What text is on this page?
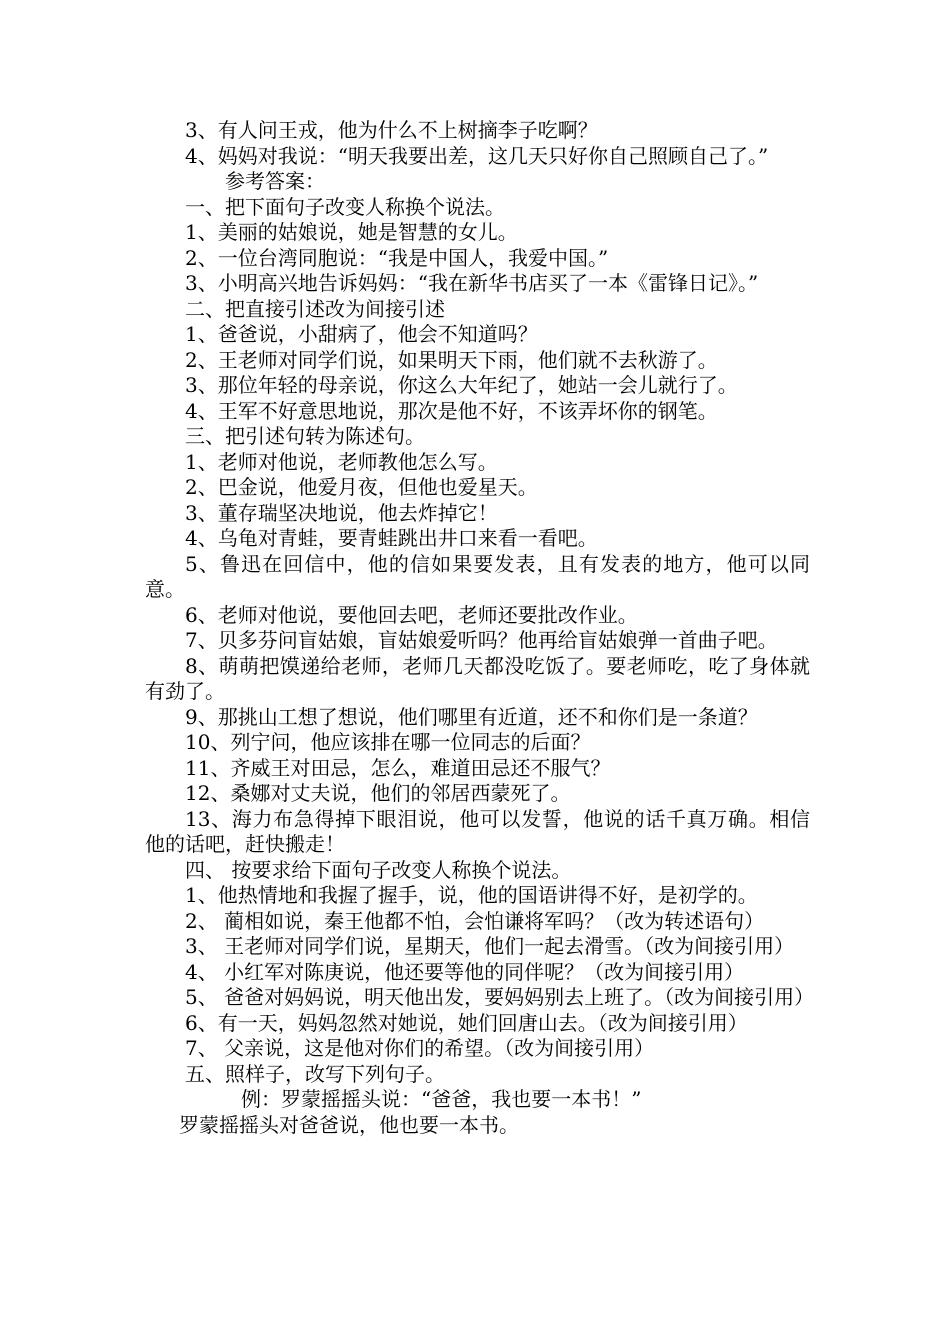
3、有人问王戎，他为什么不上树摘李子吃啊？

4、妈妈对我说：“明天我要出差，这几天只好你自己照顾自己了。”

参考答案：

一、把下面句子改变人称换个说法。

1、美丽的姑娘说，她是智慧的女儿。

2、一位台湾同胞说：“我是中国人，我爱中国。”

3、小明高兴地告诉妈妈：“我在新华书店买了一本《雷锋日记》。”

二、把直接引述改为间接引述

1、爸爸说，小甜病了，他会不知道吗？

2、王老师对同学们说，如果明天下雨，他们就不去秋游了。

3、那位年轻的母亲说，你这么大年纪了，她站一会儿就行了。

4、王军不好意思地说，那次是他不好，不该弄坏你的钢笔。

三、把引述句转为陈述句。

1、老师对他说，老师教他怎么写。

2、巴金说，他爱月夜，但他也爱星天。

3、董存瑞坚决地说，他去炸掉它！

4、乌龟对青蛙，要青蛙跳出井口来看一看吧。

5、鲁迅在回信中，他的信如果要发表，且有发表的地方，他可以同意。

6、老师对他说，要他回去吧，老师还要批改作业。

7、贝多芬问盲姑娘，盲姑娘爱听吗？他再给盲姑娘弹一首曲子吧。

8、萌萌把馍递给老师，老师几天都没吃饭了。要老师吃，吃了身体就有劲了。

9、那挑山工想了想说，他们哪里有近道，还不和你们是一条道？

10、列宁问，他应该排在哪一位同志的后面？

11、齐威王对田忌，怎么，难道田忌还不服气？

12、桑娜对丈夫说，他们的邻居西蒙死了。

13、海力布急得掉下眼泪说，他可以发誓，他说的话千真万确。相信他的话吧，赶快搬走！

四、 按要求给下面句子改变人称换个说法。

1、他热情地和我握了握手，说，他的国语讲得不好，是初学的。

2、 蔺相如说，秦王他都不怕，会怕谦将军吗？（改为转述语句）

3、 王老师对同学们说，星期天，他们一起去滑雪。（改为间接引用）

4、 小红军对陈庚说，他还要等他的同伴呢？（改为间接引用）

5、 爸爸对妈妈说，明天他出发，要妈妈别去上班了。（改为间接引用）

6、有一天，妈妈忽然对她说，她们回唐山去。（改为间接引用）

7、 父亲说，这是他对你们的希望。（改为间接引用）

五、照样子，改写下列句子。

例：罗蒙摇摇头说：“爸爸，我也要一本书！”

罗蒙摇摇头对爸爸说，他也要一本书。
